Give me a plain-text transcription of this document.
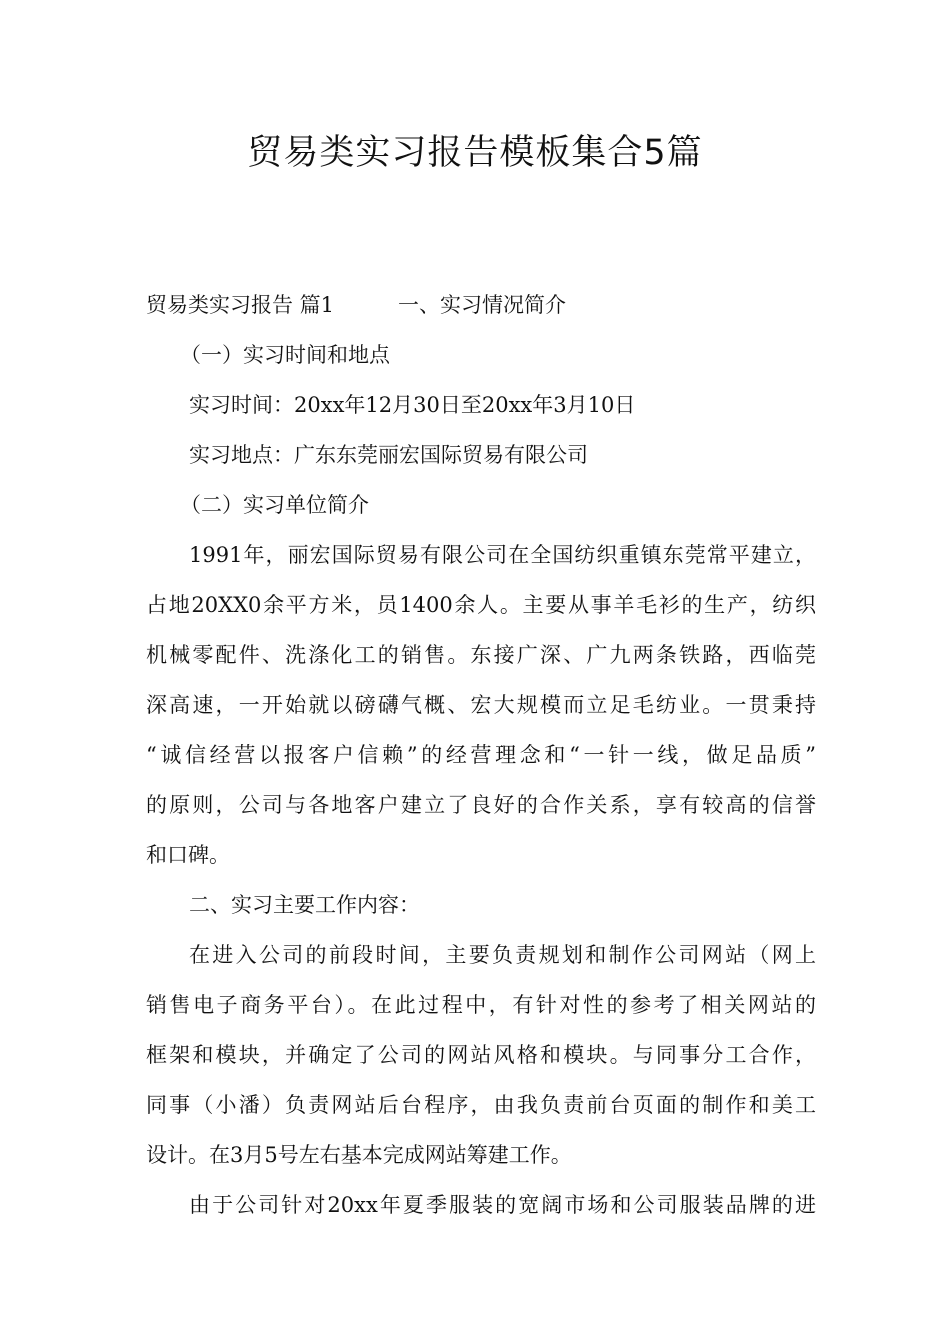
贸易类实习报告模板集合5篇

贸易类实习报告 篇1	一、实习情况简介

（一）实习时间和地点

实习时间：20xx年12月30日至20xx年3月10日

实习地点：广东东莞丽宏国际贸易有限公司

（二）实习单位简介

1991年，丽宏国际贸易有限公司在全国纺织重镇东莞常平建立，

占地20XX0余平方米，员1400余人。主要从事羊毛衫的生产，纺织

机械零配件、洗涤化工的销售。东接广深、广九两条铁路，西临莞

深高速，一开始就以磅礴气概、宏大规模而立足毛纺业。一贯秉持

“诚信经营以报客户信赖”的经营理念和“一针一线，做足品质”

的原则，公司与各地客户建立了良好的合作关系，享有较高的信誉

和口碑。

二、实习主要工作内容：

在进入公司的前段时间，主要负责规划和制作公司网站（网上

销售电子商务平台）。在此过程中，有针对性的参考了相关网站的

框架和模块，并确定了公司的网站风格和模块。与同事分工合作，

同事（小潘）负责网站后台程序，由我负责前台页面的制作和美工

设计。在3月5号左右基本完成网站筹建工作。

由于公司针对20xx年夏季服装的宽阔市场和公司服装品牌的进
